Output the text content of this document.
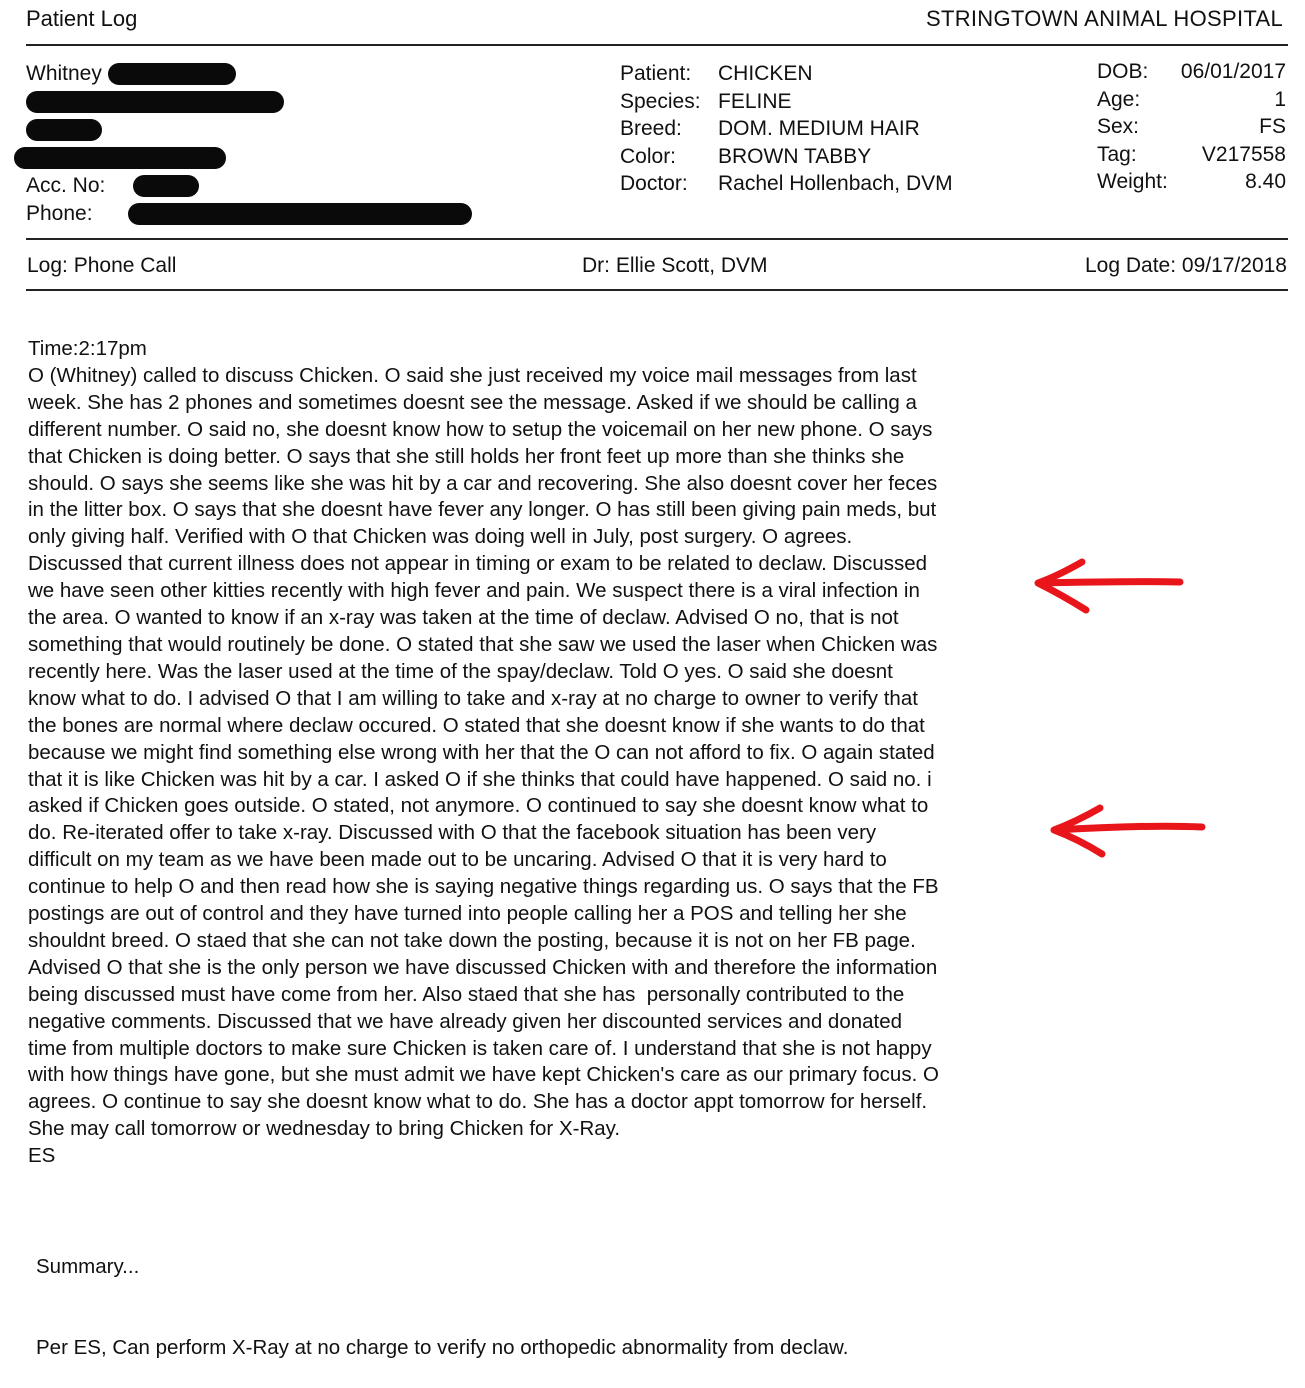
Patient Log	STRINGTOWN ANIMAL HOSPITAL
Whitney
Acc. No:
Phone:
Patient:	CHICKEN
Species:	FELINE
Breed:	DOM. MEDIUM HAIR
Color:	BROWN TABBY
Doctor:	Rachel Hollenbach, DVM
DOB:	06/01/2017
Age:	1
Sex:	FS
Tag:	V217558
Weight:	8.40
Log: Phone Call	Dr: Ellie Scott, DVM	Log Date: 09/17/2018
Time:2:17pm
O (Whitney) called to discuss Chicken. O said she just received my voice mail messages from last
week. She has 2 phones and sometimes doesnt see the message. Asked if we should be calling a
different number. O said no, she doesnt know how to setup the voicemail on her new phone. O says
that Chicken is doing better. O says that she still holds her front feet up more than she thinks she
should. O says she seems like she was hit by a car and recovering. She also doesnt cover her feces
in the litter box. O says that she doesnt have fever any longer. O has still been giving pain meds, but
only giving half. Verified with O that Chicken was doing well in July, post surgery. O agrees.
Discussed that current illness does not appear in timing or exam to be related to declaw. Discussed
we have seen other kitties recently with high fever and pain. We suspect there is a viral infection in
the area. O wanted to know if an x-ray was taken at the time of declaw. Advised O no, that is not
something that would routinely be done. O stated that she saw we used the laser when Chicken was
recently here. Was the laser used at the time of the spay/declaw. Told O yes. O said she doesnt
know what to do. I advised O that I am willing to take and x-ray at no charge to owner to verify that
the bones are normal where declaw occured. O stated that she doesnt know if she wants to do that
because we might find something else wrong with her that the O can not afford to fix. O again stated
that it is like Chicken was hit by a car. I asked O if she thinks that could have happened. O said no. i
asked if Chicken goes outside. O stated, not anymore. O continued to say she doesnt know what to
do. Re-iterated offer to take x-ray. Discussed with O that the facebook situation has been very
difficult on my team as we have been made out to be uncaring. Advised O that it is very hard to
continue to help O and then read how she is saying negative things regarding us. O says that the FB
postings are out of control and they have turned into people calling her a POS and telling her she
shouldnt breed. O staed that she can not take down the posting, because it is not on her FB page.
Advised O that she is the only person we have discussed Chicken with and therefore the information
being discussed must have come from her. Also staed that she has  personally contributed to the
negative comments. Discussed that we have already given her discounted services and donated
time from multiple doctors to make sure Chicken is taken care of. I understand that she is not happy
with how things have gone, but she must admit we have kept Chicken's care as our primary focus. O
agrees. O continue to say she doesnt know what to do. She has a doctor appt tomorrow for herself.
She may call tomorrow or wednesday to bring Chicken for X-Ray.
ES

Summary...

Per ES, Can perform X-Ray at no charge to verify no orthopedic abnormality from declaw.
